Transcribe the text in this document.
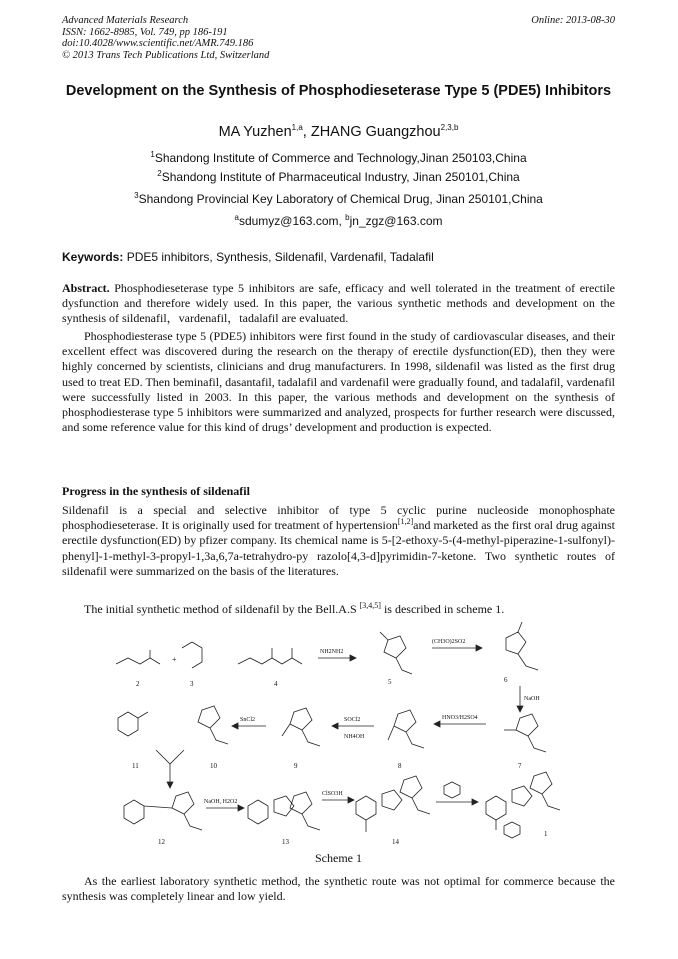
Advanced Materials Research
ISSN: 1662-8985, Vol. 749, pp 186-191
doi:10.4028/www.scientific.net/AMR.749.186
© 2013 Trans Tech Publications Ltd, Switzerland
Online: 2013-08-30
Development on the Synthesis of Phosphodieseterase Type 5 (PDE5) Inhibitors
MA Yuzhen$^{1,a}$, ZHANG Guangzhou$^{2,3,b}$
$^1$Shandong Institute of Commerce and Technology,Jinan 250103,China
$^2$Shandong Institute of Pharmaceutical Industry, Jinan 250101,China
$^3$Shandong Provincial Key Laboratory of Chemical Drug, Jinan 250101,China
$^a$sdumyz@163.com, $^b$jn_zgz@163.com
Keywords: PDE5 inhibitors, Synthesis, Sildenafil, Vardenafil, Tadalafil
Abstract. Phosphodieseterase type 5 inhibitors are safe, efficacy and well tolerated in the treatment of erectile dysfunction and therefore widely used. In this paper, the various synthetic methods and development on the synthesis of sildenafil，vardenafil，tadalafil are evaluated.
Phosphodiesterase type 5 (PDE5) inhibitors were first found in the study of cardiovascular diseases, and their excellent effect was discovered during the research on the therapy of erectile dysfunction(ED), then they were highly concerned by scientists, clinicians and drug manufacturers. In 1998, sildenafil was listed as the first drug used to treat ED. Then beminafil, dasantafil, tadalafil and vardenafil were gradually found, and tadalafil, vardenafil were successfully listed in 2003. In this paper, the various methods and development on the synthesis of phosphodiesterase type 5 inhibitors were summarized and analyzed, prospects for further research were discussed, and some reference value for this kind of drugs’ development and production is expected.
Progress in the synthesis of sildenafil
Sildenafil is a special and selective inhibitor of type 5 cyclic purine nucleoside monophosphate phosphodieseterase. It is originally used for treatment of hypertension[1,2]and marketed as the first oral drug against erectile dysfunction(ED) by pfizer company. Its chemical name is 5-[2-ethoxy-5-(4-methyl-piperazine-1-sulfonyl)-phenyl]-1-methyl-3-propyl-1,3a,6,7a-tetrahydro-py razolo[4,3-d]pyrimidin-7-ketone. Two synthetic routes of sildenafil were summarized on the basis of the literatures.
The initial synthetic method of sildenafil by the Bell.A.S [3,4,5] is described in scheme 1.
2
+
3	4
NH2NH2
5
(CH3O)2SO2
6
NaOH
7
HNO3/H2SO4
8
SOCl2
NH4OH
9
SnCl2
10
11
12
NaOH, H2O2
13
ClSO3H
14
1
Scheme 1
As the earliest laboratory synthetic method, the synthetic route was not optimal for commerce because the synthesis was completely linear and low yield.
